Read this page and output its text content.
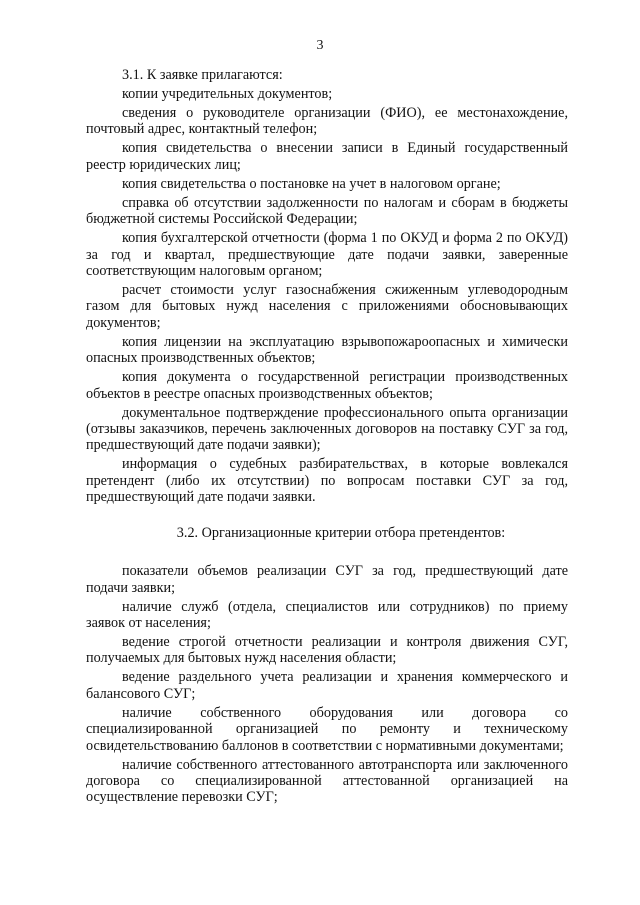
3

3.1. К заявке прилагаются:

копии учредительных документов;

сведения о руководителе организации (ФИО), ее местонахождение, почтовый адрес, контактный телефон;

копия свидетельства о внесении записи в Единый государственный реестр юридических лиц;

копия свидетельства о постановке на учет в налоговом органе;

справка об отсутствии задолженности по налогам и сборам в бюджеты бюджетной системы Российской Федерации;

копия бухгалтерской отчетности (форма 1 по ОКУД и форма 2 по ОКУД) за год и квартал, предшествующие дате подачи заявки, заверенные соответствующим налоговым органом;

расчет стоимости услуг газоснабжения сжиженным углеводородным газом для бытовых нужд населения с приложениями обосновывающих документов;

копия лицензии на эксплуатацию взрывопожароопасных и химически опасных производственных объектов;

копия документа о государственной регистрации производственных объектов в реестре опасных производственных объектов;

документальное подтверждение профессионального опыта организации (отзывы заказчиков, перечень заключенных договоров на поставку СУГ за год, предшествующий дате подачи заявки);

информация о судебных разбирательствах, в которые вовлекался претендент (либо их отсутствии) по вопросам поставки СУГ за год, предшествующий дате подачи заявки.

3.2. Организационные критерии отбора претендентов:

показатели объемов реализации СУГ за год, предшествующий дате подачи заявки;

наличие служб (отдела, специалистов или сотрудников) по приему заявок от населения;

ведение строгой отчетности реализации и контроля движения СУГ, получаемых для бытовых нужд населения области;

ведение раздельного учета реализации и хранения коммерческого и балансового СУГ;

наличие собственного оборудования или договора со специализированной организацией по ремонту и техническому освидетельствованию баллонов в соответствии с нормативными документами;

наличие собственного аттестованного автотранспорта или заключенного договора со специализированной аттестованной организацией на осуществление перевозки СУГ;
